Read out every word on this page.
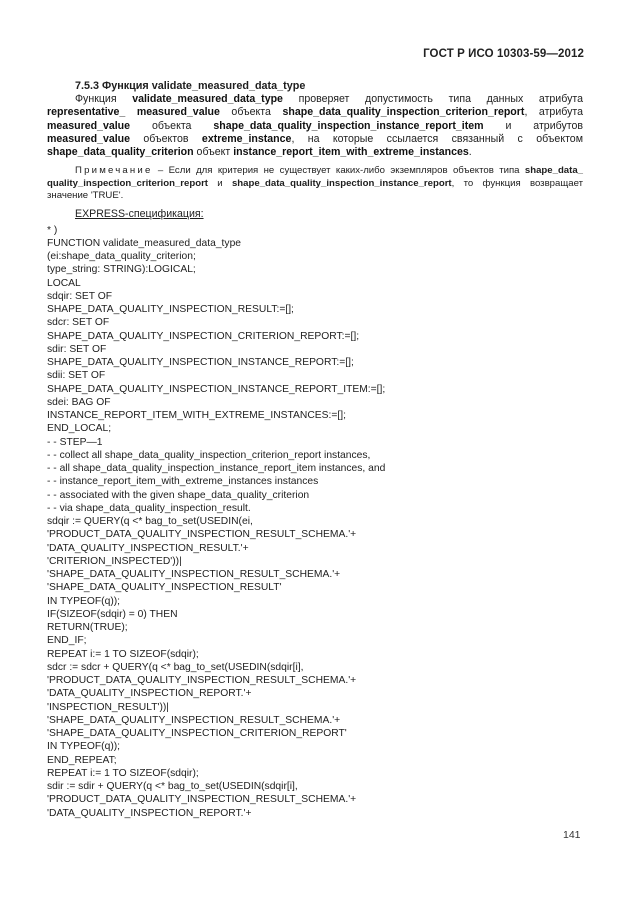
ГОСТ Р ИСО 10303-59—2012

7.5.3 Функция validate_measured_data_type

Функция validate_measured_data_type проверяет допустимость типа данных атрибута representative_ measured_value объекта shape_data_quality_inspection_criterion_report, атрибута measured_value объекта shape_data_quality_inspection_instance_report_item и атрибутов measured_value объектов extreme_instance, на которые ссылается связанный с объектом shape_data_quality_criterion объект instance_report_item_with_extreme_instances.

Примечание – Если для критерия не существует каких-либо экземпляров объектов типа shape_data_ quality_inspection_criterion_report и shape_data_quality_inspection_instance_report, то функция возвращает значение 'TRUE'.

EXPRESS-спецификация:

* )
FUNCTION validate_measured_data_type
(ei:shape_data_quality_criterion;
type_string: STRING):LOGICAL;
LOCAL
sdqir: SET OF
SHAPE_DATA_QUALITY_INSPECTION_RESULT:=[];
sdcr: SET OF
SHAPE_DATA_QUALITY_INSPECTION_CRITERION_REPORT:=[];
sdir: SET OF
SHAPE_DATA_QUALITY_INSPECTION_INSTANCE_REPORT:=[];
sdii: SET OF
SHAPE_DATA_QUALITY_INSPECTION_INSTANCE_REPORT_ITEM:=[];
sdei: BAG OF
INSTANCE_REPORT_ITEM_WITH_EXTREME_INSTANCES:=[];
END_LOCAL;
- - STEP—1
- - collect all shape_data_quality_inspection_criterion_report instances,
- - all shape_data_quality_inspection_instance_report_item instances, and
- - instance_report_item_with_extreme_instances instances
- - associated with the given shape_data_quality_criterion
- - via shape_data_quality_inspection_result.
sdqir := QUERY(q <* bag_to_set(USEDIN(ei,
'PRODUCT_DATA_QUALITY_INSPECTION_RESULT_SCHEMA.'+
'DATA_QUALITY_INSPECTION_RESULT.'+
'CRITERION_INSPECTED'))|
'SHAPE_DATA_QUALITY_INSPECTION_RESULT_SCHEMA.'+
'SHAPE_DATA_QUALITY_INSPECTION_RESULT'
IN TYPEOF(q));
IF(SIZEOF(sdqir) = 0) THEN
RETURN(TRUE);
END_IF;
REPEAT i:= 1 TO SIZEOF(sdqir);
sdcr := sdcr + QUERY(q <* bag_to_set(USEDIN(sdqir[i],
'PRODUCT_DATA_QUALITY_INSPECTION_RESULT_SCHEMA.'+
'DATA_QUALITY_INSPECTION_REPORT.'+
'INSPECTION_RESULT'))|
'SHAPE_DATA_QUALITY_INSPECTION_RESULT_SCHEMA.'+
'SHAPE_DATA_QUALITY_INSPECTION_CRITERION_REPORT'
IN TYPEOF(q));
END_REPEAT;
REPEAT i:= 1 TO SIZEOF(sdqir);
sdir := sdir + QUERY(q <* bag_to_set(USEDIN(sdqir[i],
'PRODUCT_DATA_QUALITY_INSPECTION_RESULT_SCHEMA.'+
'DATA_QUALITY_INSPECTION_REPORT.'+
141
